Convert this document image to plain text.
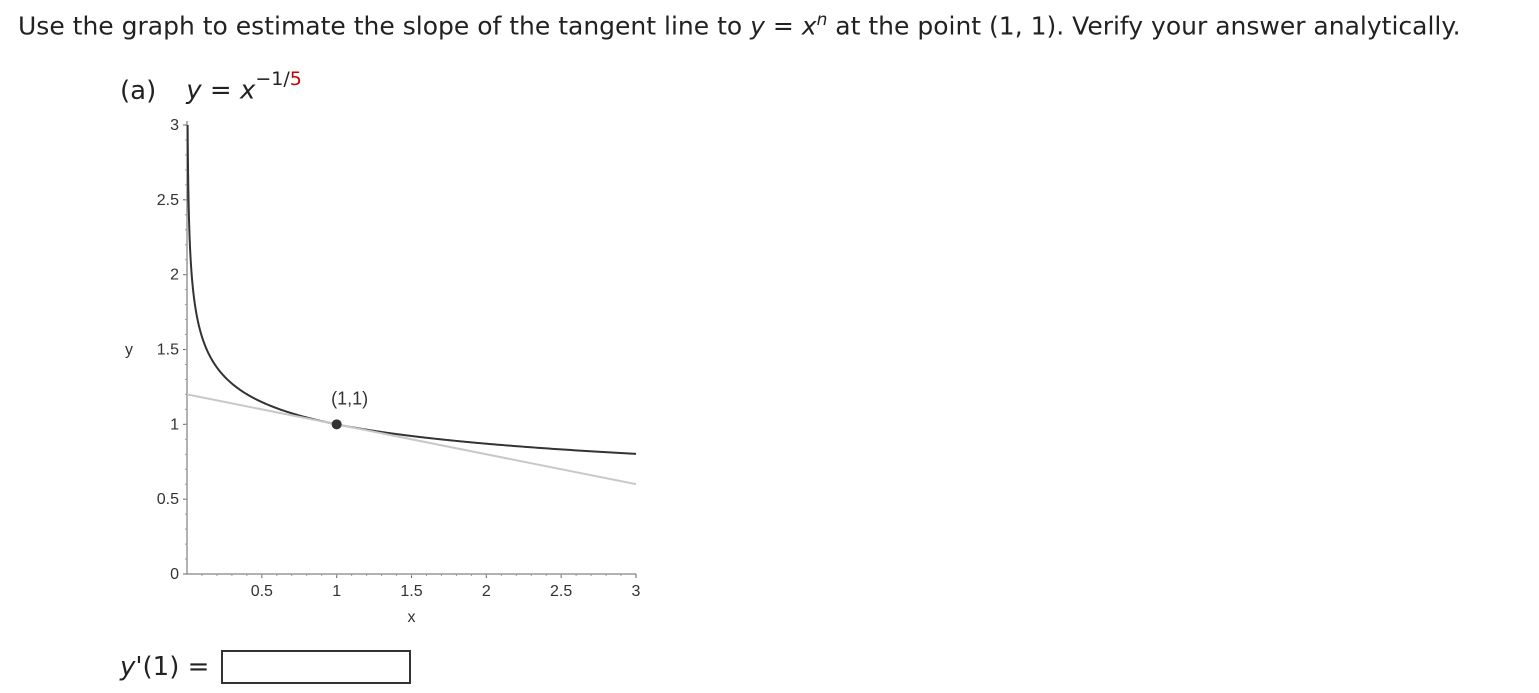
Use the graph to estimate the slope of the tangent line to $y = x^n$ at the point (1, 1). Verify your answer analytically.
(a) $y = x^{-1/5}$
0.5	1	1.5	2	2.5	3
0
0.5
1
1.5
2
2.5
3
y
x
(1,1)
y '(1) =
